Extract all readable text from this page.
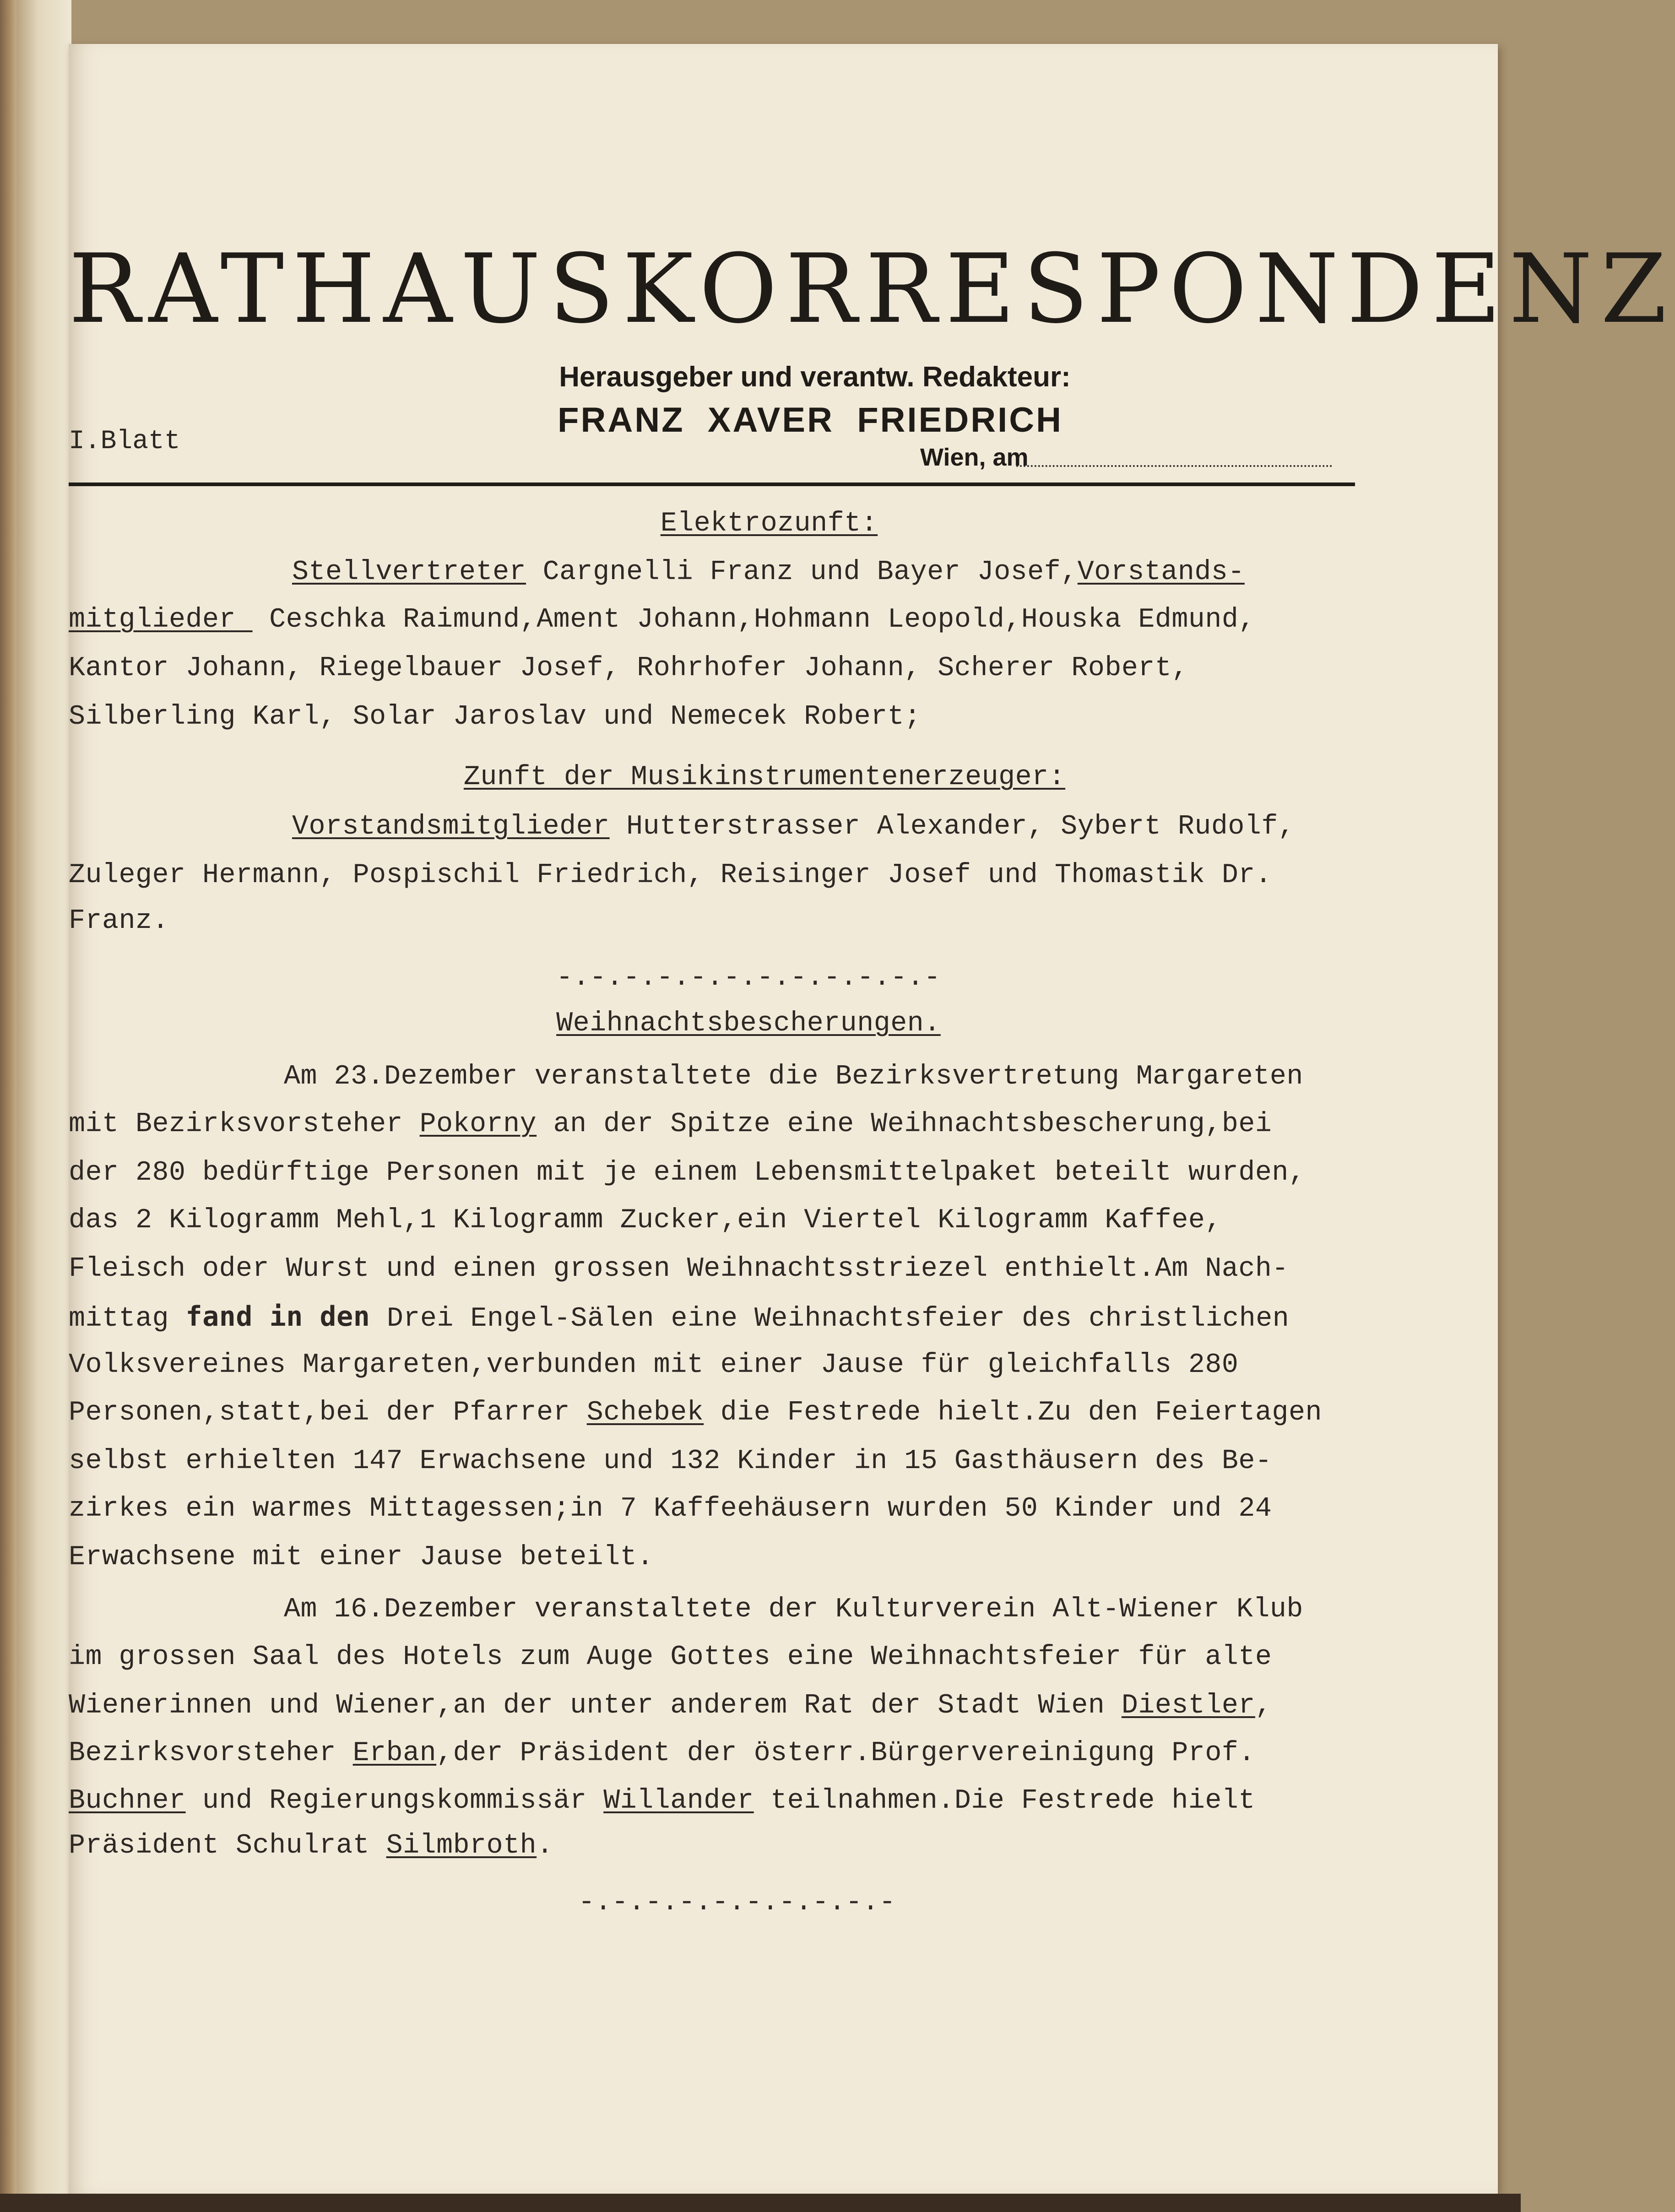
RATHAUSKORRESPONDENZ
Herausgeber und verantw. Redakteur:
FRANZ  XAVER  FRIEDRICH
I.Blatt
Wien, am
Elektrozunft:
Stellvertreter Cargnelli Franz und Bayer Josef,Vorstands-
mitglieder  Ceschka Raimund,Ament Johann,Hohmann Leopold,Houska Edmund,
Kantor Johann, Riegelbauer Josef, Rohrhofer Johann, Scherer Robert,
Silberling Karl, Solar Jaroslav und Nemecek Robert;
Zunft der Musikinstrumentenerzeuger:
Vorstandsmitglieder Hutterstrasser Alexander, Sybert Rudolf,
Zuleger Hermann, Pospischil Friedrich, Reisinger Josef und Thomastik Dr.
Franz.
-.-.-.-.-.-.-.-.-.-.-.-
Weihnachtsbescherungen.
Am 23.Dezember veranstaltete die Bezirksvertretung Margareten
mit Bezirksvorsteher Pokorny an der Spitze eine Weihnachtsbescherung,bei
der 280 bedürftige Personen mit je einem Lebensmittelpaket beteilt wurden,
das 2 Kilogramm Mehl,1 Kilogramm Zucker,ein Viertel Kilogramm Kaffee,
Fleisch oder Wurst und einen grossen Weihnachtsstriezel enthielt.Am Nach-
mittag fand in den Drei Engel-Sälen eine Weihnachtsfeier des christlichen
Volksvereines Margareten,verbunden mit einer Jause für gleichfalls 280
Personen,statt,bei der Pfarrer Schebek die Festrede hielt.Zu den Feiertagen
selbst erhielten 147 Erwachsene und 132 Kinder in 15 Gasthäusern des Be-
zirkes ein warmes Mittagessen;in 7 Kaffeehäusern wurden 50 Kinder und 24
Erwachsene mit einer Jause beteilt.
Am 16.Dezember veranstaltete der Kulturverein Alt-Wiener Klub
im grossen Saal des Hotels zum Auge Gottes eine Weihnachtsfeier für alte
Wienerinnen und Wiener,an der unter anderem Rat der Stadt Wien Diestler,
Bezirksvorsteher Erban,der Präsident der österr.Bürgervereinigung Prof.
Buchner und Regierungskommissär Willander teilnahmen.Die Festrede hielt
Präsident Schulrat Silmbroth.
-.-.-.-.-.-.-.-.-.-
